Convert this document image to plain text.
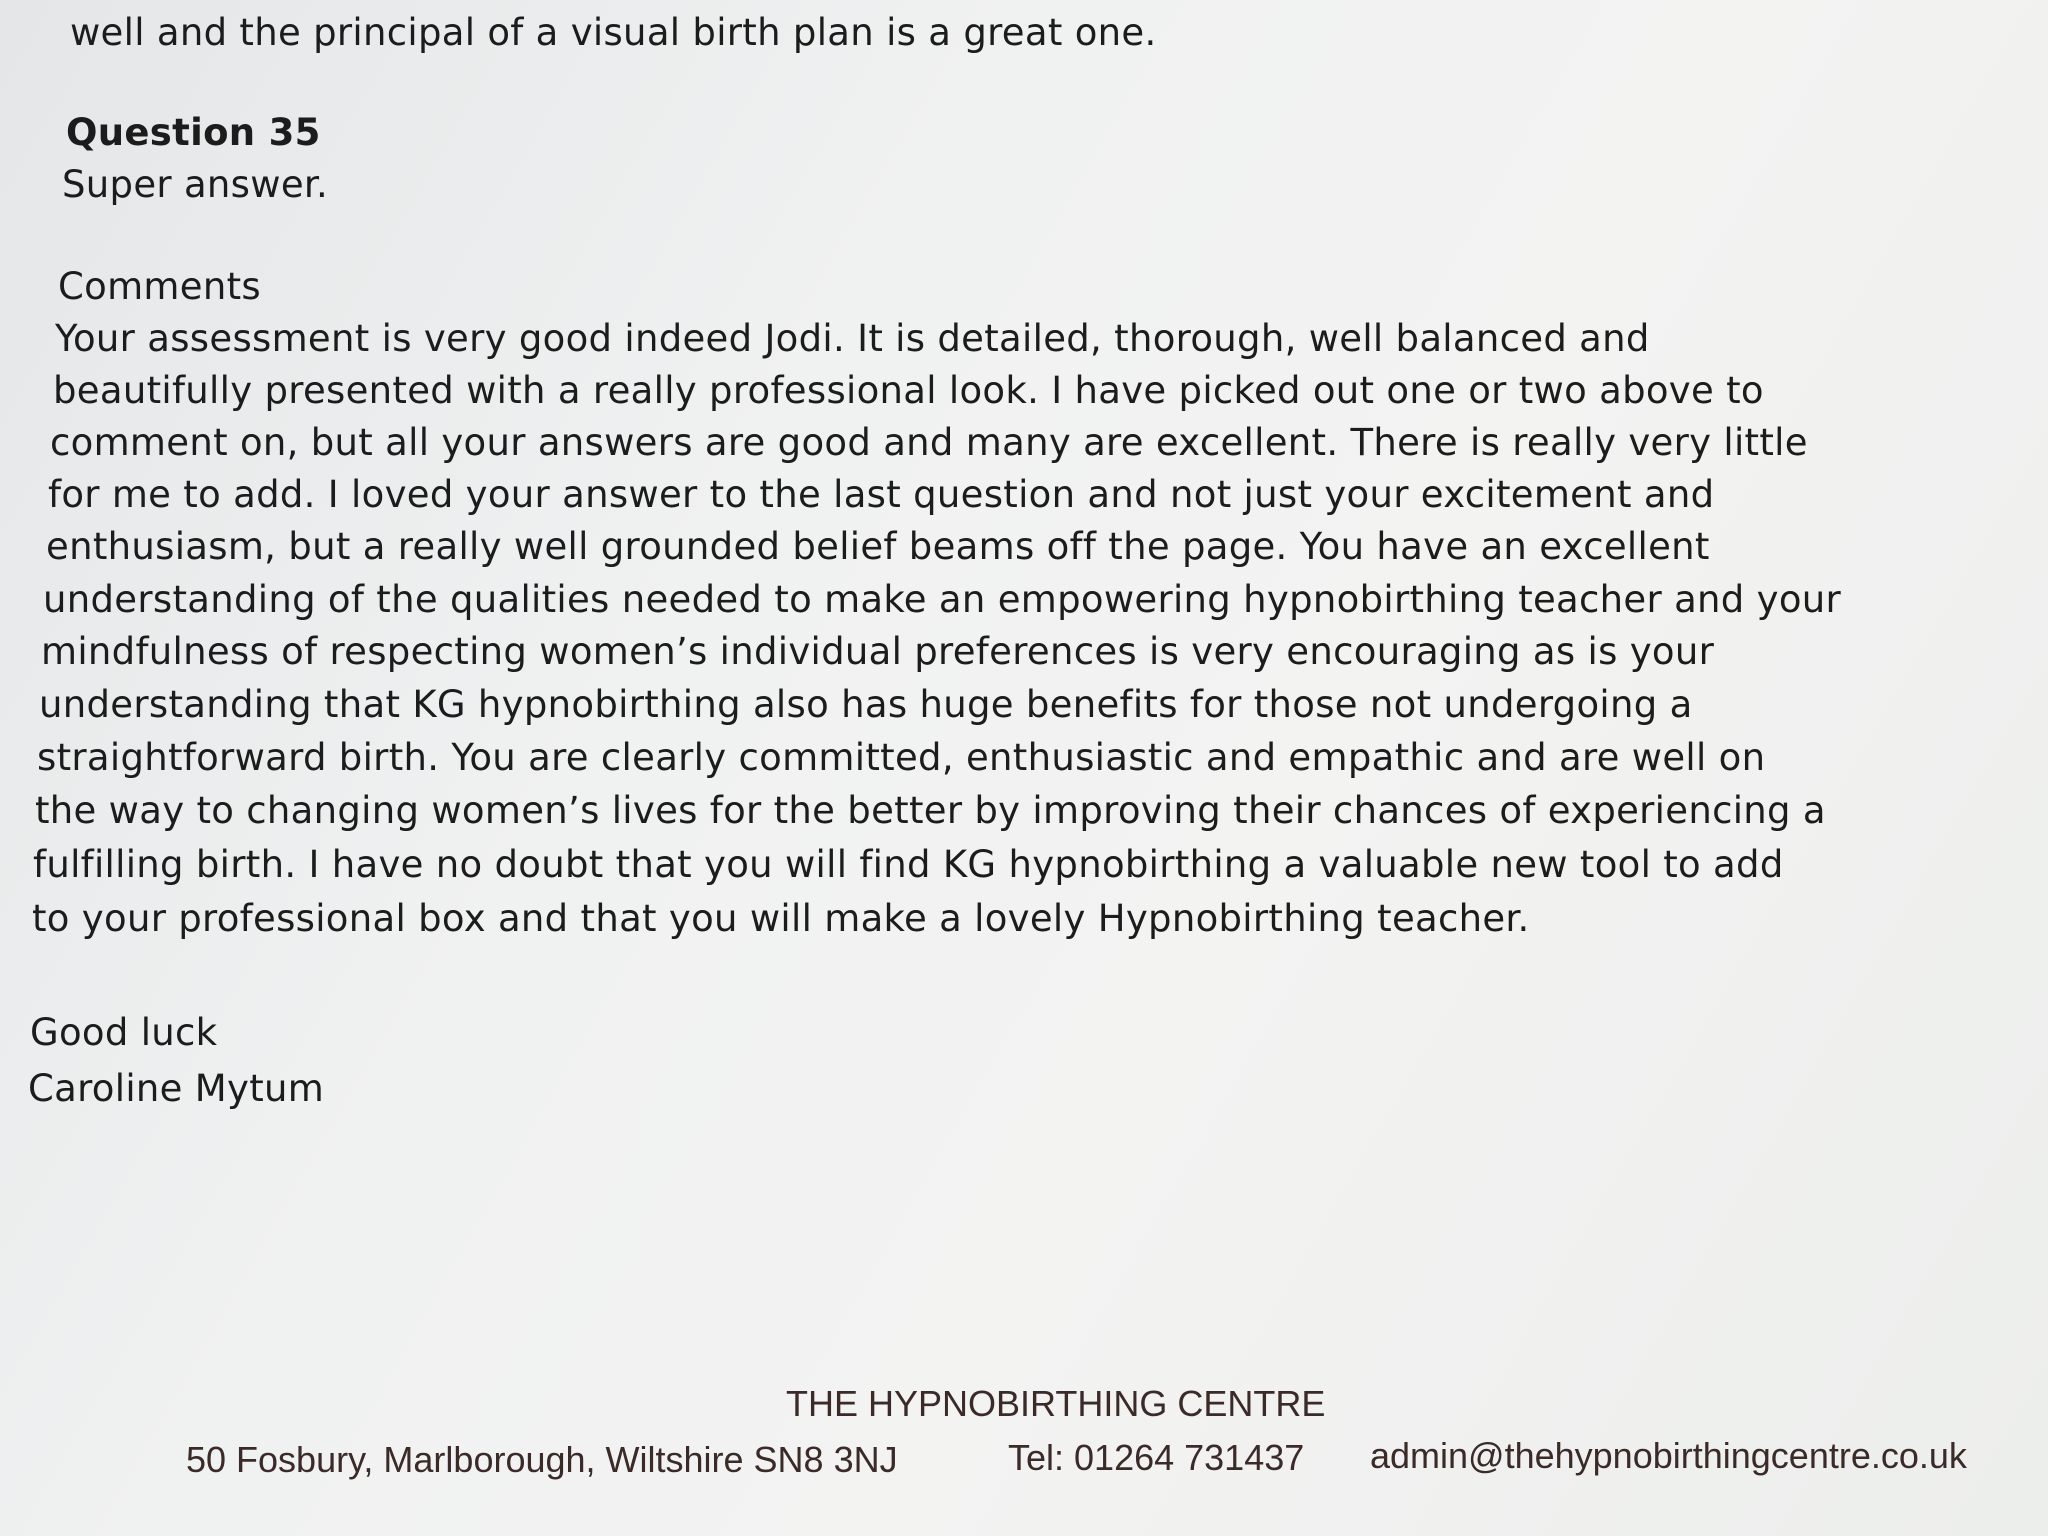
well and the principal of a visual birth plan is a great one.
Question 35
Super answer.
Comments
Your assessment is very good indeed Jodi. It is detailed, thorough, well balanced and
beautifully presented with a really professional look. I have picked out one or two above to
comment on, but all your answers are good and many are excellent. There is really very little
for me to add. I loved your answer to the last question and not just your excitement and
enthusiasm, but a really well grounded belief beams off the page. You have an excellent
understanding of the qualities needed to make an empowering hypnobirthing teacher and your
mindfulness of respecting women’s individual preferences is very encouraging as is your
understanding that KG hypnobirthing also has huge benefits for those not undergoing a
straightforward birth. You are clearly committed, enthusiastic and empathic and are well on
the way to changing women’s lives for the better by improving their chances of experiencing a
fulfilling birth. I have no doubt that you will find KG hypnobirthing a valuable new tool to add
to your professional box and that you will make a lovely Hypnobirthing teacher.
Good luck
Caroline Mytum
THE HYPNOBIRTHING CENTRE
50 Fosbury, Marlborough, Wiltshire SN8 3NJ	Tel: 01264 731437 admin@thehypnobirthingcentre.co.uk
